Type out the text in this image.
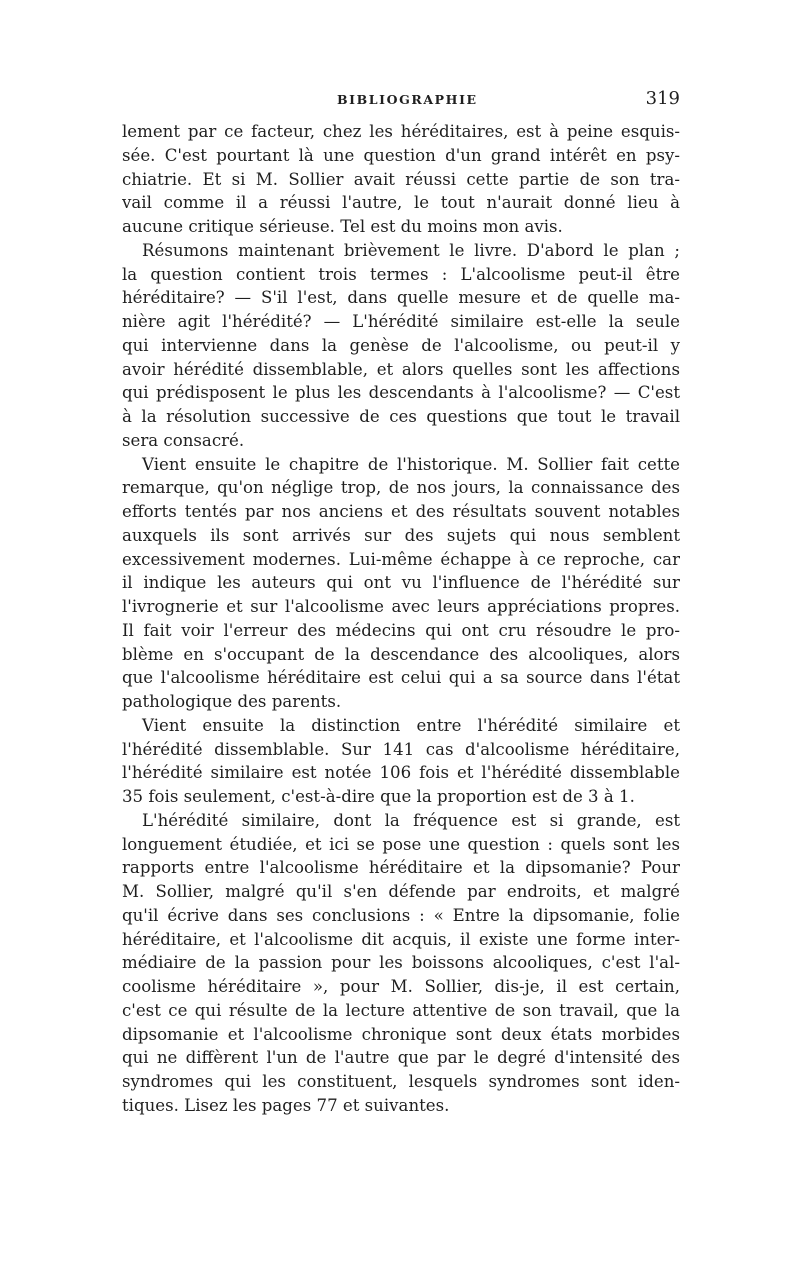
BIBLIOGRAPHIE	319
lement par ce facteur, chez les héréditaires, est à peine esquis-
sée. C'est pourtant là une question d'un grand intérêt en psy-
chiatrie. Et si M. Sollier avait réussi cette partie de son tra-
vail comme il a réussi l'autre, le tout n'aurait donné lieu à
aucune critique sérieuse. Tel est du moins mon avis.
Résumons maintenant brièvement le livre. D'abord le plan ;
la question contient trois termes : L'alcoolisme peut-il être
héréditaire? — S'il l'est, dans quelle mesure et de quelle ma-
nière agit l'hérédité? — L'hérédité similaire est-elle la seule
qui intervienne dans la genèse de l'alcoolisme, ou peut-il y
avoir hérédité dissemblable, et alors quelles sont les affections
qui prédisposent le plus les descendants à l'alcoolisme? — C'est
à la résolution successive de ces questions que tout le travail
sera consacré.
Vient ensuite le chapitre de l'historique. M. Sollier fait cette
remarque, qu'on néglige trop, de nos jours, la connaissance des
efforts tentés par nos anciens et des résultats souvent notables
auxquels ils sont arrivés sur des sujets qui nous semblent
excessivement modernes. Lui-même échappe à ce reproche, car
il indique les auteurs qui ont vu l'influence de l'hérédité sur
l'ivrognerie et sur l'alcoolisme avec leurs appréciations propres.
Il fait voir l'erreur des médecins qui ont cru résoudre le pro-
blème en s'occupant de la descendance des alcooliques, alors
que l'alcoolisme héréditaire est celui qui a sa source dans l'état
pathologique des parents.
Vient ensuite la distinction entre l'hérédité similaire et
l'hérédité dissemblable. Sur 141 cas d'alcoolisme héréditaire,
l'hérédité similaire est notée 106 fois et l'hérédité dissemblable
35 fois seulement, c'est-à-dire que la proportion est de 3 à 1.
L'hérédité similaire, dont la fréquence est si grande, est
longuement étudiée, et ici se pose une question : quels sont les
rapports entre l'alcoolisme héréditaire et la dipsomanie? Pour
M. Sollier, malgré qu'il s'en défende par endroits, et malgré
qu'il écrive dans ses conclusions : « Entre la dipsomanie, folie
héréditaire, et l'alcoolisme dit acquis, il existe une forme inter-
médiaire de la passion pour les boissons alcooliques, c'est l'al-
coolisme héréditaire », pour M. Sollier, dis-je, il est certain,
c'est ce qui résulte de la lecture attentive de son travail, que la
dipsomanie et l'alcoolisme chronique sont deux états morbides
qui ne diffèrent l'un de l'autre que par le degré d'intensité des
syndromes qui les constituent, lesquels syndromes sont iden-
tiques. Lisez les pages 77 et suivantes.
